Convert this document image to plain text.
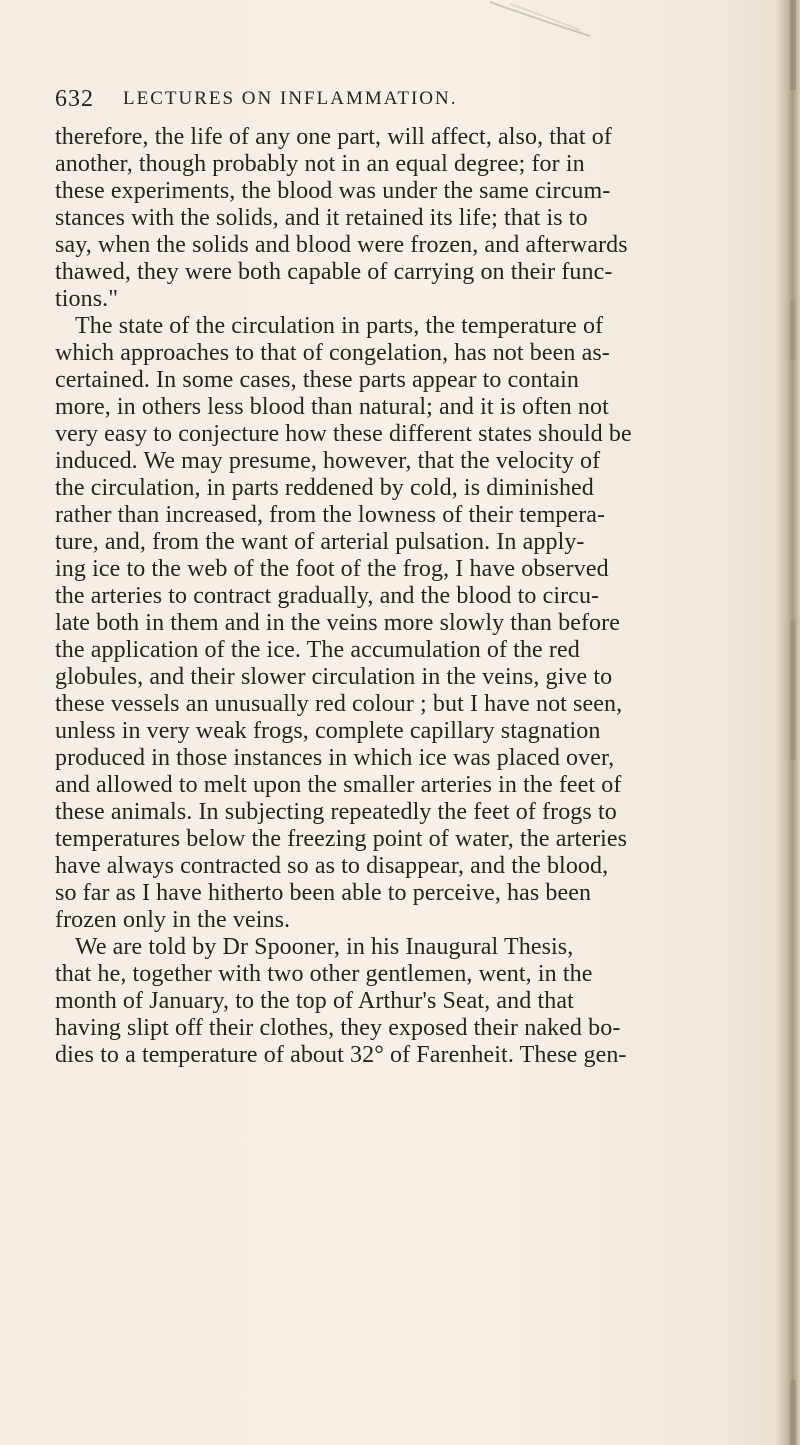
632 LECTURES ON INFLAMMATION.
therefore, the life of any one part, will affect, also, that of
another, though probably not in an equal degree; for in
these experiments, the blood was under the same circum-
stances with the solids, and it retained its life; that is to
say, when the solids and blood were frozen, and afterwards
thawed, they were both capable of carrying on their func-
tions."
The state of the circulation in parts, the temperature of
which approaches to that of congelation, has not been as-
certained. In some cases, these parts appear to contain
more, in others less blood than natural; and it is often not
very easy to conjecture how these different states should be
induced. We may presume, however, that the velocity of
the circulation, in parts reddened by cold, is diminished
rather than increased, from the lowness of their tempera-
ture, and, from the want of arterial pulsation. In apply-
ing ice to the web of the foot of the frog, I have observed
the arteries to contract gradually, and the blood to circu-
late both in them and in the veins more slowly than before
the application of the ice. The accumulation of the red
globules, and their slower circulation in the veins, give to
these vessels an unusually red colour ; but I have not seen,
unless in very weak frogs, complete capillary stagnation
produced in those instances in which ice was placed over,
and allowed to melt upon the smaller arteries in the feet of
these animals. In subjecting repeatedly the feet of frogs to
temperatures below the freezing point of water, the arteries
have always contracted so as to disappear, and the blood,
so far as I have hitherto been able to perceive, has been
frozen only in the veins.
We are told by Dr Spooner, in his Inaugural Thesis,
that he, together with two other gentlemen, went, in the
month of January, to the top of Arthur's Seat, and that
having slipt off their clothes, they exposed their naked bo-
dies to a temperature of about 32° of Farenheit. These gen-
